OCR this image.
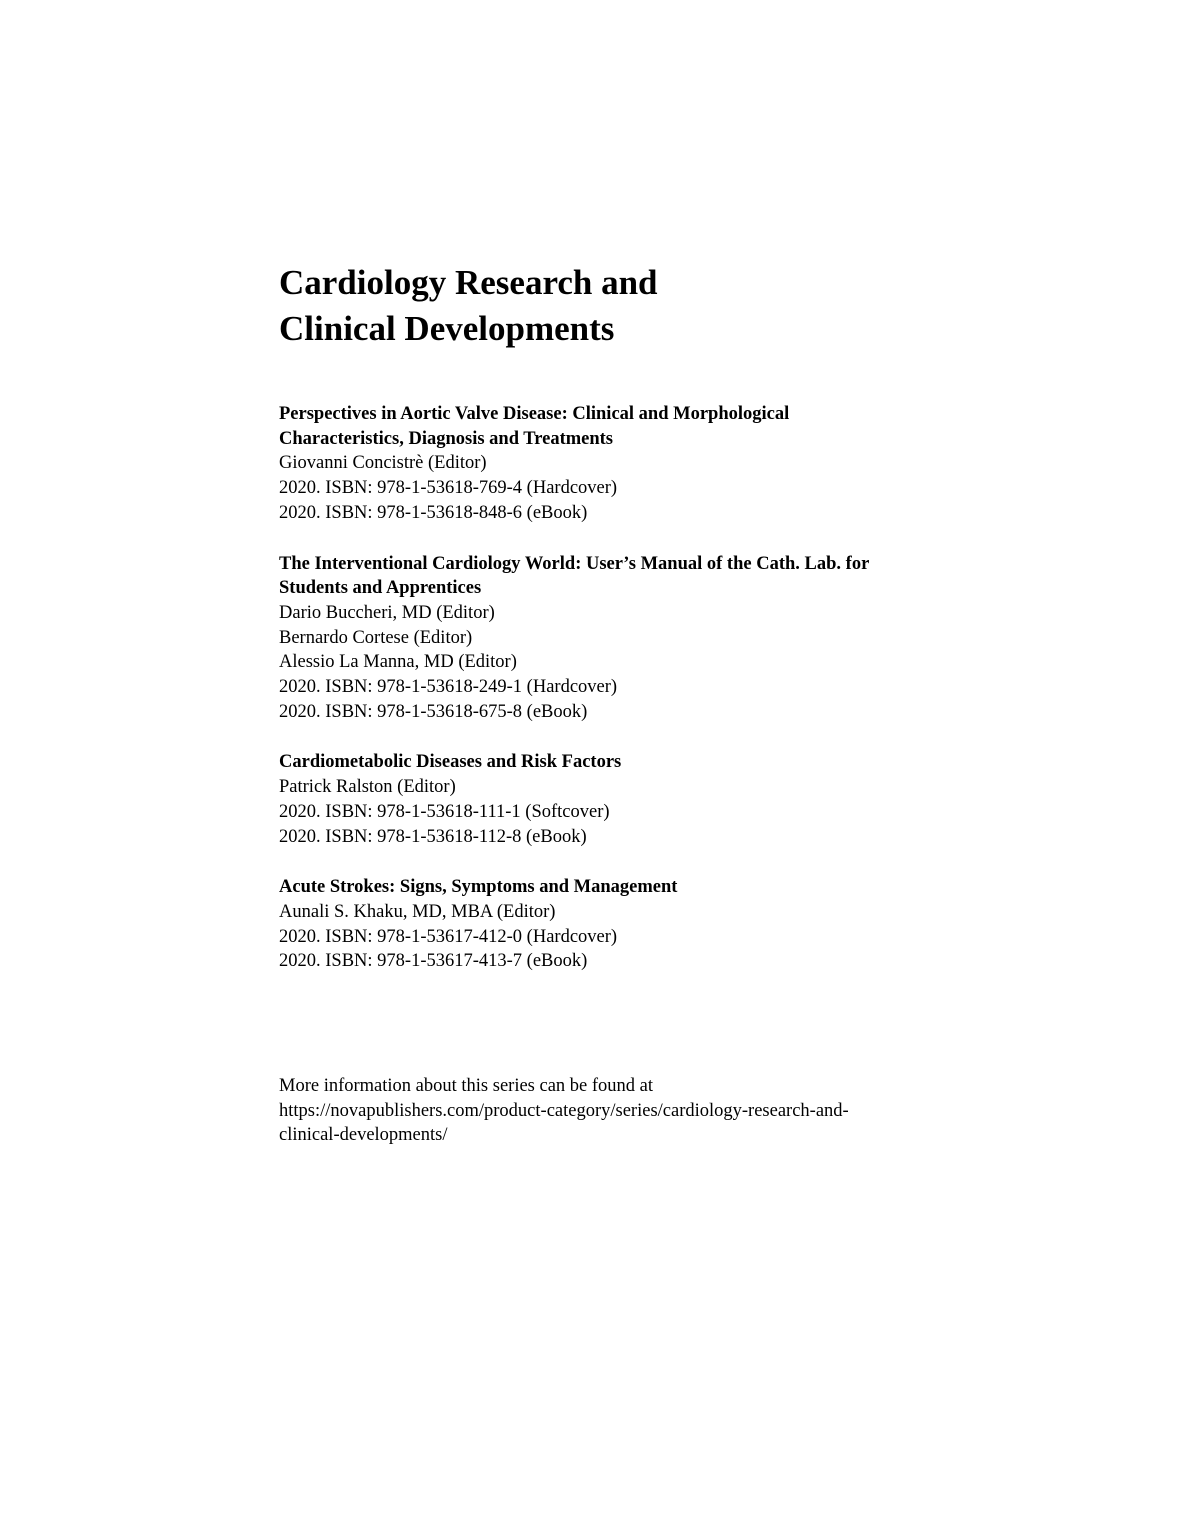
Cardiology Research and
Clinical Developments
Perspectives in Aortic Valve Disease: Clinical and Morphological
Characteristics, Diagnosis and Treatments
Giovanni Concistrè (Editor)
2020. ISBN: 978-1-53618-769-4 (Hardcover)
2020. ISBN: 978-1-53618-848-6 (eBook)
The Interventional Cardiology World: User’s Manual of the Cath. Lab. for
Students and Apprentices
Dario Buccheri, MD (Editor)
Bernardo Cortese (Editor)
Alessio La Manna, MD (Editor)
2020. ISBN: 978-1-53618-249-1 (Hardcover)
2020. ISBN: 978-1-53618-675-8 (eBook)
Cardiometabolic Diseases and Risk Factors
Patrick Ralston (Editor)
2020. ISBN: 978-1-53618-111-1 (Softcover)
2020. ISBN: 978-1-53618-112-8 (eBook)
Acute Strokes: Signs, Symptoms and Management
Aunali S. Khaku, MD, MBA (Editor)
2020. ISBN: 978-1-53617-412-0 (Hardcover)
2020. ISBN: 978-1-53617-413-7 (eBook)
More information about this series can be found at
https://novapublishers.com/product-category/series/cardiology-research-and-
clinical-developments/
